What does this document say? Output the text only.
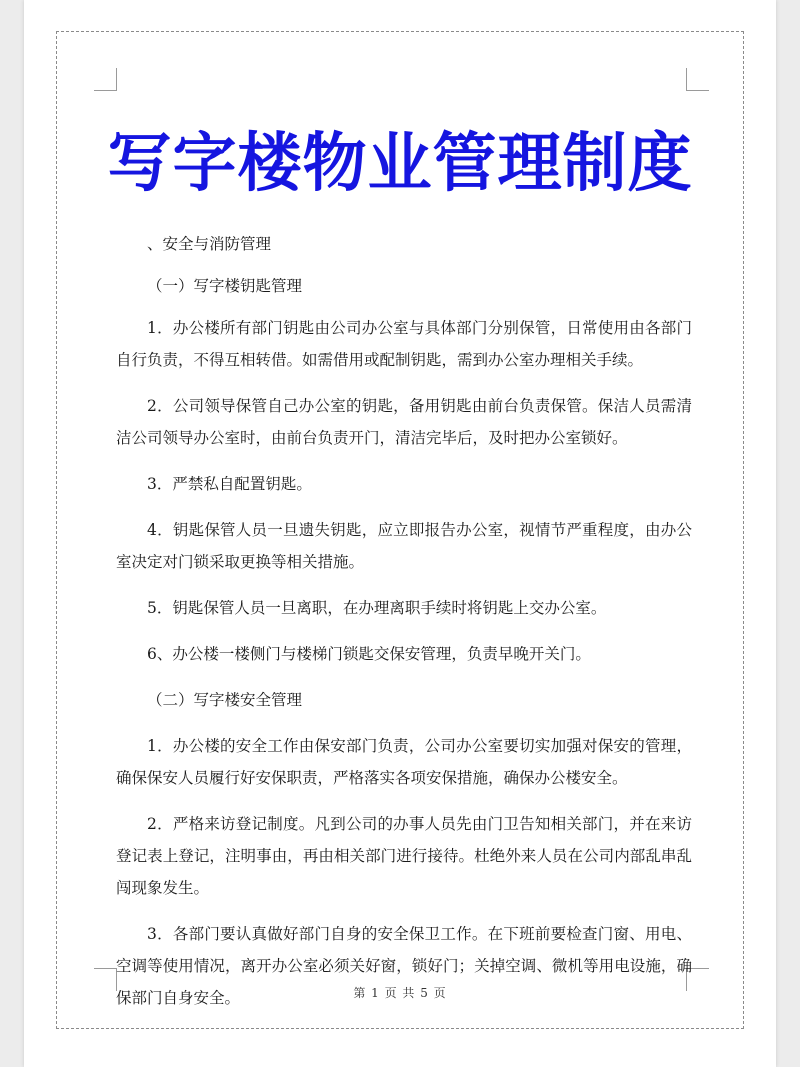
写字楼物业管理制度

、安全与消防管理

（一）写字楼钥匙管理

1．办公楼所有部门钥匙由公司办公室与具体部门分别保管，日常使用由各部门自行负责，不得互相转借。如需借用或配制钥匙，需到办公室办理相关手续。

2．公司领导保管自己办公室的钥匙，备用钥匙由前台负责保管。保洁人员需清洁公司领导办公室时，由前台负责开门，清洁完毕后，及时把办公室锁好。

3．严禁私自配置钥匙。

4．钥匙保管人员一旦遗失钥匙，应立即报告办公室，视情节严重程度，由办公室决定对门锁采取更换等相关措施。

5．钥匙保管人员一旦离职，在办理离职手续时将钥匙上交办公室。

6、办公楼一楼侧门与楼梯门锁匙交保安管理，负责早晚开关门。

（二）写字楼安全管理

1．办公楼的安全工作由保安部门负责，公司办公室要切实加强对保安的管理，确保保安人员履行好安保职责，严格落实各项安保措施，确保办公楼安全。

2．严格来访登记制度。凡到公司的办事人员先由门卫告知相关部门，并在来访登记表上登记，注明事由，再由相关部门进行接待。杜绝外来人员在公司内部乱串乱闯现象发生。

3．各部门要认真做好部门自身的安全保卫工作。在下班前要检查门窗、用电、空调等使用情况，离开办公室必须关好窗，锁好门；关掉空调、微机等用电设施，确保部门自身安全。	第 1 页 共 5 页
